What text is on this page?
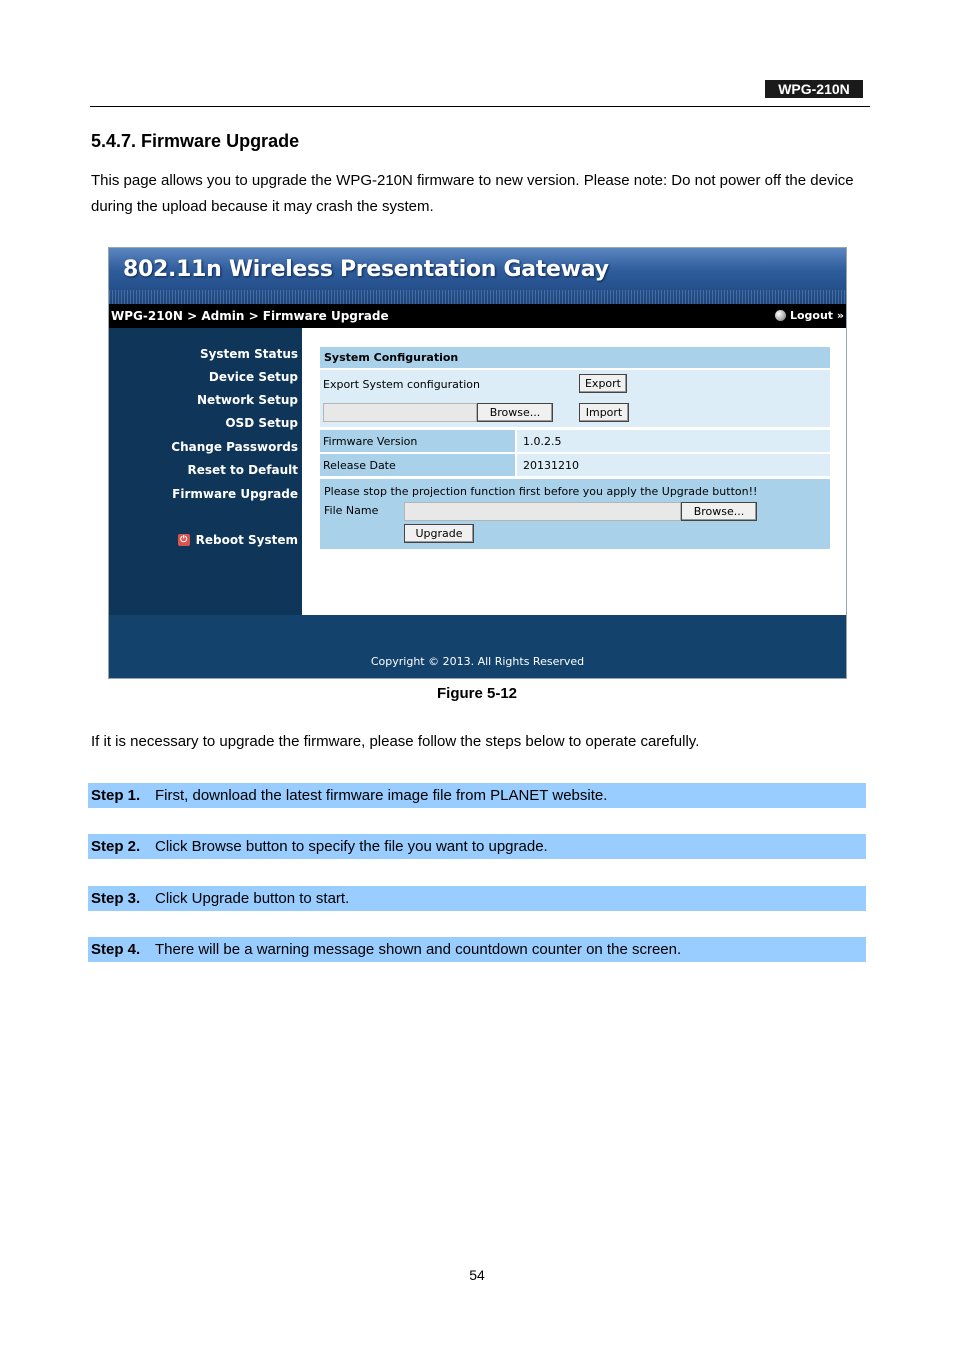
WPG-210N
5.4.7. Firmware Upgrade
This page allows you to upgrade the WPG-210N firmware to new version. Please note: Do not power off the device during the upload because it may crash the system.
802.11n Wireless Presentation Gateway
WPG-210N > Admin > Firmware Upgrade	Logout »
System Status
Device Setup
Network Setup
OSD Setup
Change Passwords
Reset to Default
Firmware Upgrade
⏻ Reboot System
System Configuration
Export System configuration	Export
Browse...	Import
Firmware Version	1.0.2.5
Release Date	20131210
Please stop the projection function first before you apply the Upgrade button!!
File Name	Browse...
Upgrade
Copyright © 2013. All Rights Reserved
Figure 5-12
If it is necessary to upgrade the firmware, please follow the steps below to operate carefully.
Step 1. First, download the latest firmware image file from PLANET website.
Step 2. Click Browse button to specify the file you want to upgrade.
Step 3. Click Upgrade button to start.
Step 4. There will be a warning message shown and countdown counter on the screen.
54
